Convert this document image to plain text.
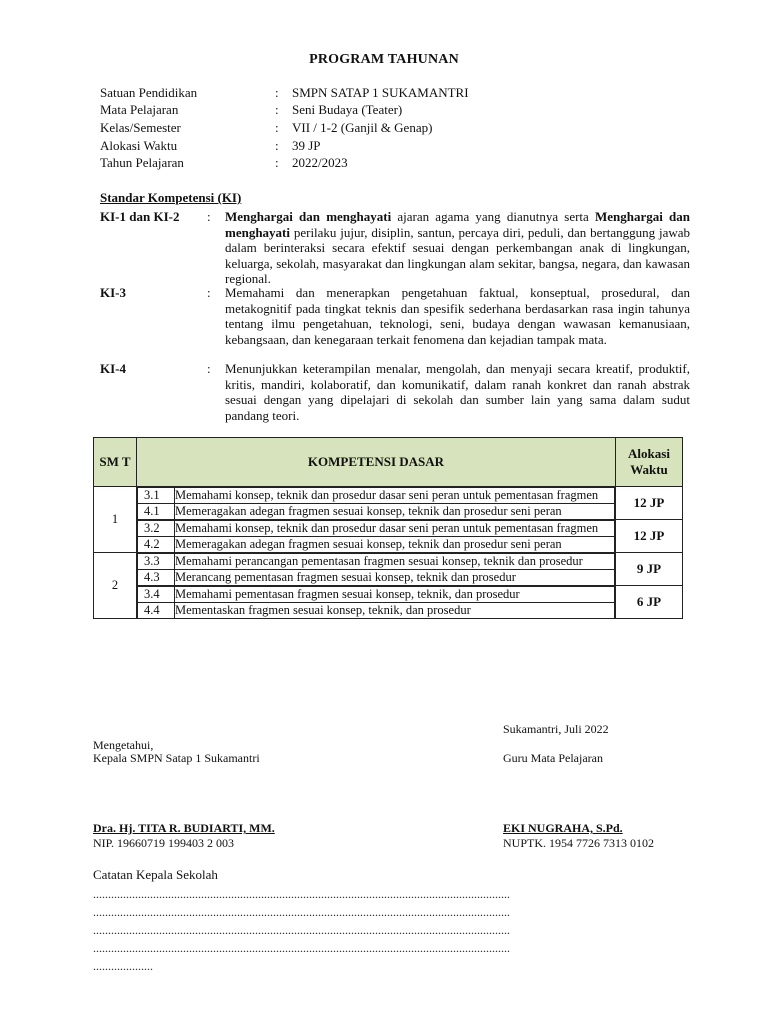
PROGRAM TAHUNAN
Satuan Pendidikan	: SMPN SATAP 1 SUKAMANTRI
Mata Pelajaran	: Seni Budaya (Teater)
Kelas/Semester	: VII / 1-2 (Ganjil & Genap)
Alokasi Waktu	: 39 JP
Tahun Pelajaran	: 2022/2023
Standar Kompetensi (KI)
KI-1 dan KI-2 : Menghargai dan menghayati ajaran agama yang dianutnya serta Menghargai dan menghayati perilaku jujur, disiplin, santun, percaya diri, peduli, dan bertanggung jawab dalam berinteraksi secara efektif sesuai dengan perkembangan anak di lingkungan, keluarga, sekolah, masyarakat dan lingkungan alam sekitar, bangsa, negara, dan kawasan regional.
KI-3	: Memahami dan menerapkan pengetahuan faktual, konseptual, prosedural, dan metakognitif pada tingkat teknis dan spesifik sederhana berdasarkan rasa ingin tahunya tentang ilmu pengetahuan, teknologi, seni, budaya dengan wawasan kemanusiaan, kebangsaan, dan kenegaraan terkait fenomena dan kejadian tampak mata.
KI-4	: Menunjukkan keterampilan menalar, mengolah, dan menyaji secara kreatif, produktif, kritis, mandiri, kolaboratif, dan komunikatif, dalam ranah konkret dan ranah abstrak sesuai dengan yang dipelajari di sekolah dan sumber lain yang sama dalam sudut pandang teori.
SM T	KOMPETENSI DASAR	Alokasi Waktu
1	
3.1	Memahami konsep, teknik dan prosedur dasar seni peran untuk pementasan fragmen
4.1	Memeragakan adegan fragmen sesuai konsep, teknik dan prosedur seni peran
	12 JP

3.2	Memahami konsep, teknik dan prosedur dasar seni peran untuk pementasan fragmen
4.2	Memeragakan adegan fragmen sesuai konsep, teknik dan prosedur seni peran
	12 JP
2	
3.3	Memahami perancangan pementasan fragmen sesuai konsep, teknik dan prosedur
4.3	Merancang pementasan fragmen sesuai konsep, teknik dan prosedur
	9 JP

3.4	Memahami pementasan fragmen sesuai konsep, teknik, dan prosedur
4.4	Mementaskan fragmen sesuai konsep, teknik, dan prosedur
	6 JP
Sukamantri, Juli 2022
Mengetahui,
Kepala SMPN Satap 1 Sukamantri	Guru Mata Pelajaran
Dra. Hj. TITA R. BUDIARTI, MM.
NIP. 19660719 199403 2 003
EKI NUGRAHA, S.Pd.
NUPTK. 1954 7726 7313 0102
Catatan Kepala Sekolah
...........................................................................................................................................
...........................................................................................................................................
...........................................................................................................................................
...........................................................................................................................................
....................
